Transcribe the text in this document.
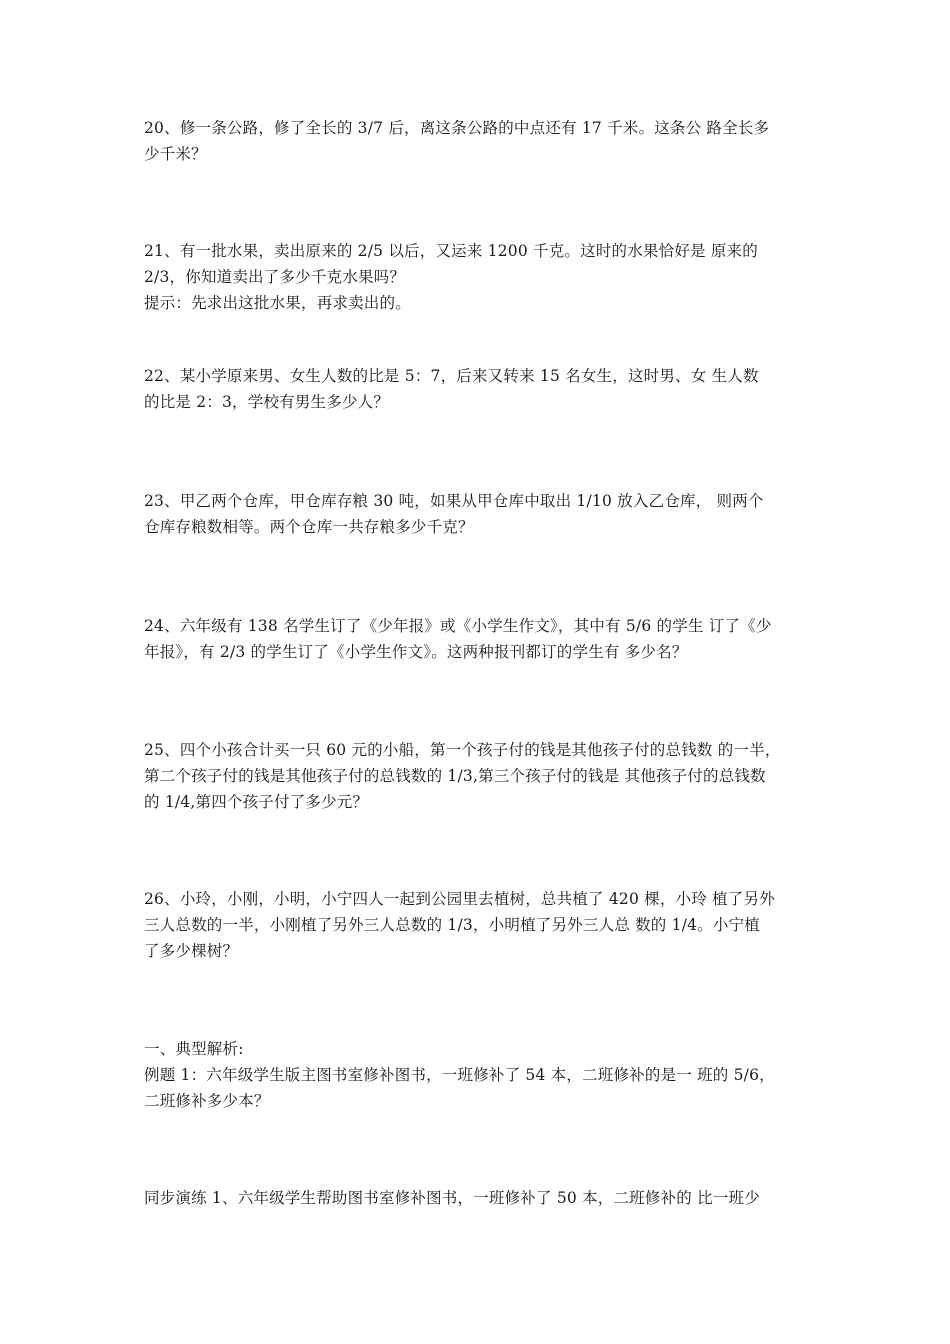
20、修一条公路，修了全长的 3/7 后，离这条公路的中点还有 17 千米。这条公 路全长多
少千米？
21、有一批水果，卖出原来的 2/5 以后，又运来 1200 千克。这时的水果恰好是 原来的
2/3，你知道卖出了多少千克水果吗？
提示：先求出这批水果，再求卖出的。
22、某小学原来男、女生人数的比是 5：7，后来又转来 15 名女生，这时男、女 生人数
的比是 2：3，学校有男生多少人？
23、甲乙两个仓库，甲仓库存粮 30 吨，如果从甲仓库中取出 1/10 放入乙仓库， 则两个
仓库存粮数相等。两个仓库一共存粮多少千克？
24、六年级有 138 名学生订了《少年报》或《小学生作文》，其中有 5/6 的学生 订了《少
年报》，有 2/3 的学生订了《小学生作文》。这两种报刊都订的学生有 多少名？
25、四个小孩合计买一只 60 元的小船，第一个孩子付的钱是其他孩子付的总钱数 的一半，
第二个孩子付的钱是其他孩子付的总钱数的 1/3,第三个孩子付的钱是 其他孩子付的总钱数
的 1/4,第四个孩子付了多少元？
26、小玲，小刚，小明，小宁四人一起到公园里去植树，总共植了 420 棵，小玲 植了另外
三人总数的一半，小刚植了另外三人总数的 1/3，小明植了另外三人总 数的 1/4。小宁植
了多少棵树？
一、典型解析:
例题 1：六年级学生版主图书室修补图书，一班修补了 54 本，二班修补的是一 班的 5/6，
二班修补多少本？
同步演练 1、六年级学生帮助图书室修补图书，一班修补了 50 本，二班修补的 比一班少
